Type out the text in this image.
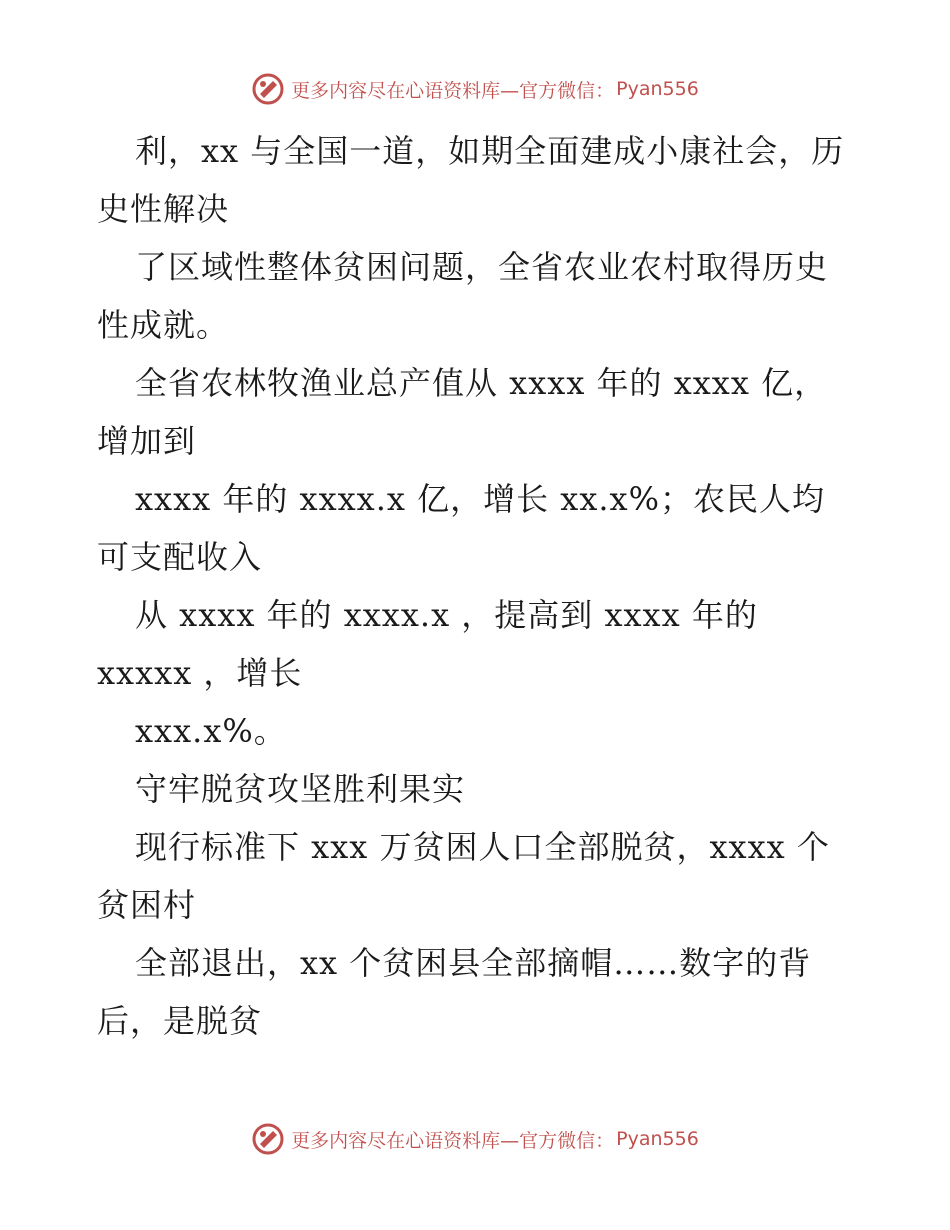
更多内容尽在心语资料库—官方微信： Pyan556

利，xx 与全国一道，如期全面建成小康社会，历史性解决

了区域性整体贫困问题，全省农业农村取得历史性成就。

全省农林牧渔业总产值从 xxxx 年的 xxxx 亿，增加到

xxxx 年的 xxxx.x 亿，增长 xx.x%；农民人均可支配收入

从 xxxx 年的 xxxx.x ，提高到 xxxx 年的 xxxxx ，增长

xxx.x%。

守牢脱贫攻坚胜利果实

现行标准下 xxx 万贫困人口全部脱贫，xxxx 个贫困村

全部退出，xx 个贫困县全部摘帽……数字的背后，是脱贫

更多内容尽在心语资料库—官方微信： Pyan556
